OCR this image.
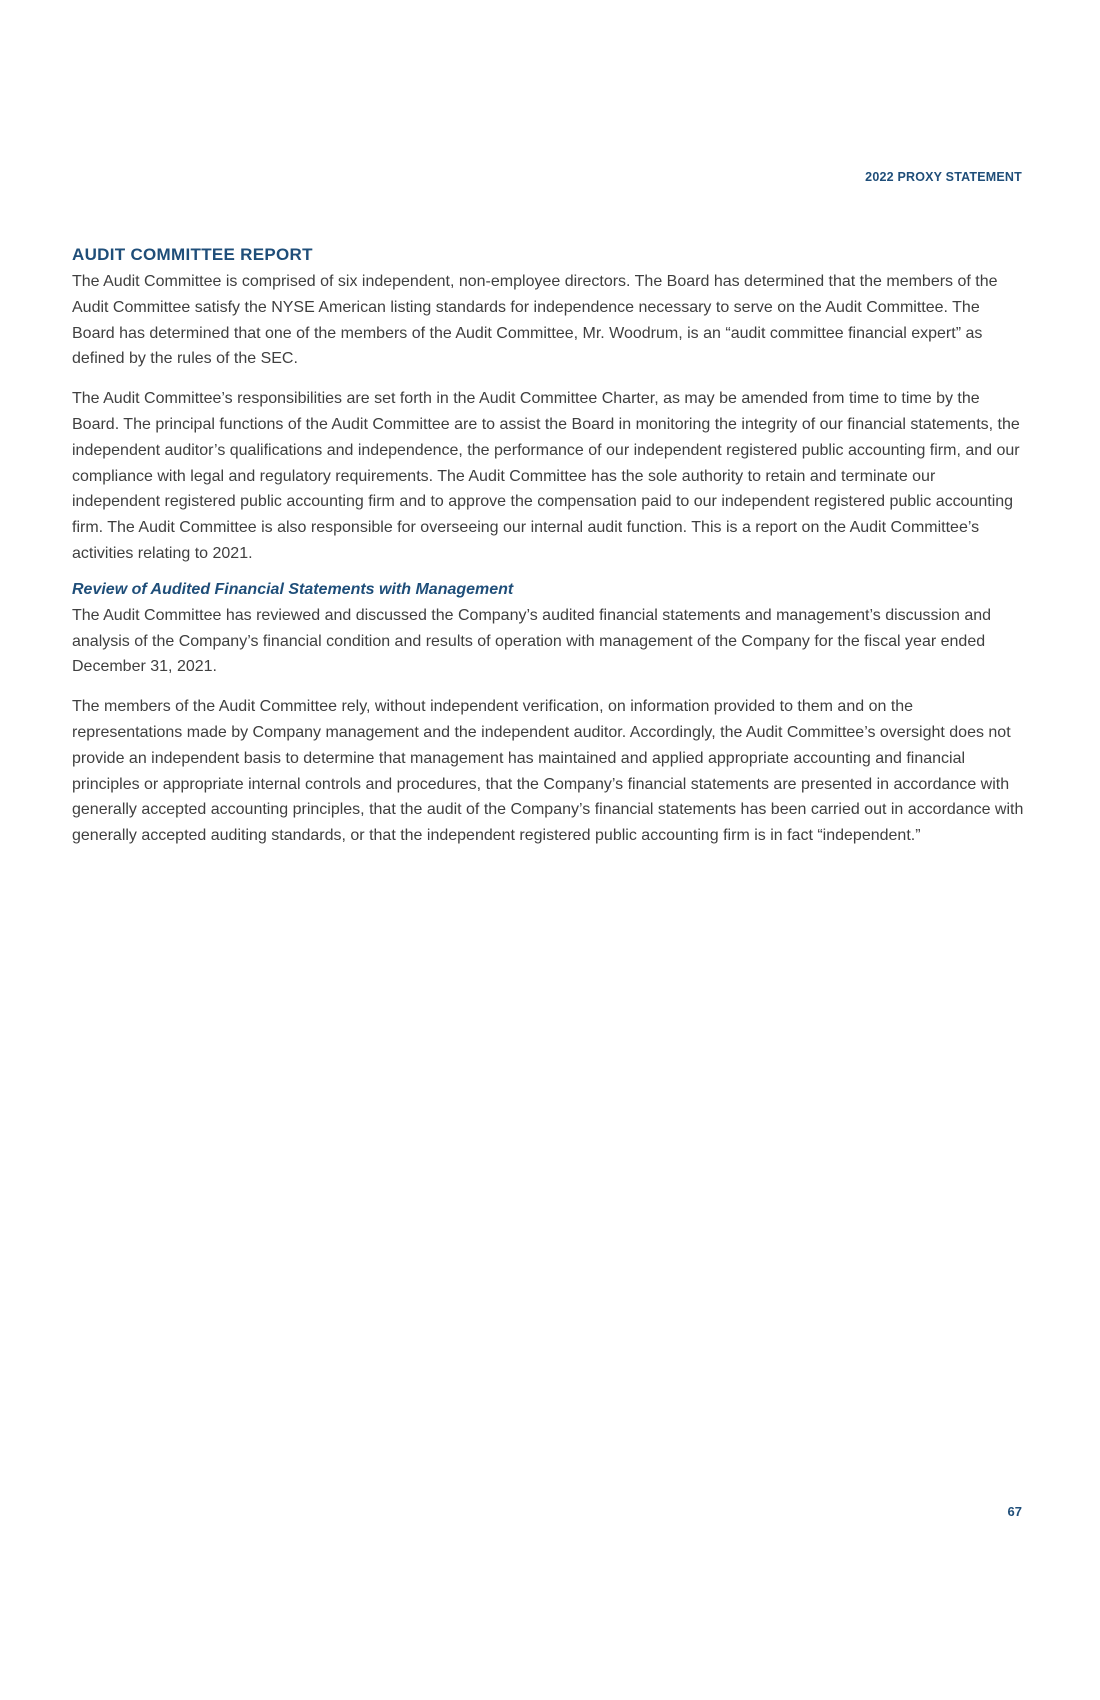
2022 PROXY STATEMENT
AUDIT COMMITTEE REPORT

The Audit Committee is comprised of six independent, non-employee directors. The Board has determined that the members of the Audit Committee satisfy the NYSE American listing standards for independence necessary to serve on the Audit Committee. The Board has determined that one of the members of the Audit Committee, Mr. Woodrum, is an “audit committee financial expert” as defined by the rules of the SEC.

The Audit Committee’s responsibilities are set forth in the Audit Committee Charter, as may be amended from time to time by the Board. The principal functions of the Audit Committee are to assist the Board in monitoring the integrity of our financial statements, the independent auditor’s qualifications and independence, the performance of our independent registered public accounting firm, and our compliance with legal and regulatory requirements. The Audit Committee has the sole authority to retain and terminate our independent registered public accounting firm and to approve the compensation paid to our independent registered public accounting firm. The Audit Committee is also responsible for overseeing our internal audit function. This is a report on the Audit Committee’s activities relating to 2021.

Review of Audited Financial Statements with Management

The Audit Committee has reviewed and discussed the Company’s audited financial statements and management’s discussion and analysis of the Company’s financial condition and results of operation with management of the Company for the fiscal year ended December 31, 2021.

The members of the Audit Committee rely, without independent verification, on information provided to them and on the representations made by Company management and the independent auditor. Accordingly, the Audit Committee’s oversight does not provide an independent basis to determine that management has maintained and applied appropriate accounting and financial principles or appropriate internal controls and procedures, that the Company’s financial statements are presented in accordance with generally accepted accounting principles, that the audit of the Company’s financial statements has been carried out in accordance with generally accepted auditing standards, or that the independent registered public accounting firm is in fact “independent.”

67
